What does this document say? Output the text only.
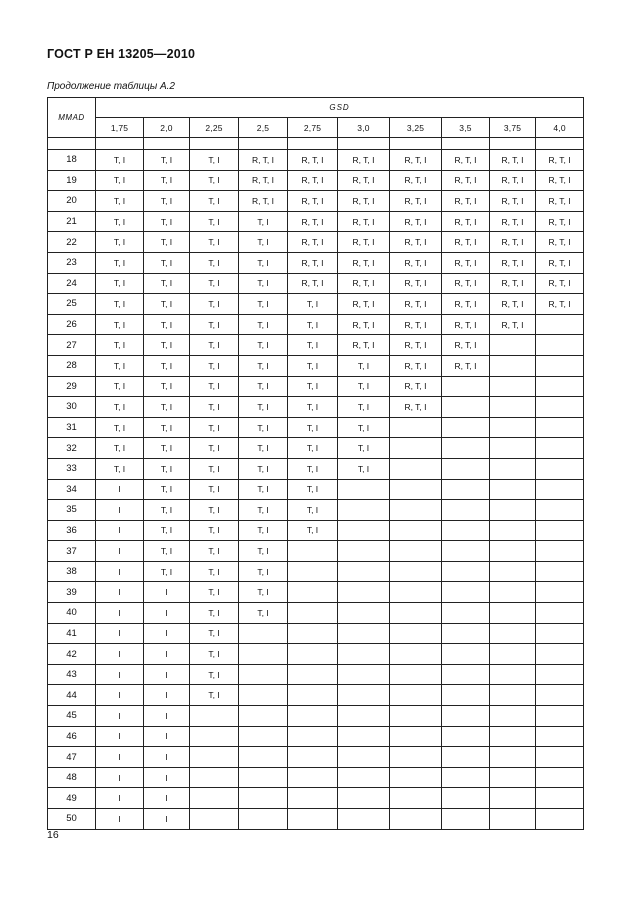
ГОСТ Р ЕН 13205—2010
Продолжение таблицы А.2
MMAD	GSD									
	1,75	2,0	2,25	2,5	2,75	3,0	3,25	3,5	3,75	4,0

18	T, I	T, I	T, I	R, T, I	R, T, I	R, T, I	R, T, I	R, T, I	R, T, I	R, T, I
19	T, I	T, I	T, I	R, T, I	R, T, I	R, T, I	R, T, I	R, T, I	R, T, I	R, T, I
20	T, I	T, I	T, I	R, T, I	R, T, I	R, T, I	R, T, I	R, T, I	R, T, I	R, T, I
21	T, I	T, I	T, I	T, I	R, T, I	R, T, I	R, T, I	R, T, I	R, T, I	R, T, I
22	T, I	T, I	T, I	T, I	R, T, I	R, T, I	R, T, I	R, T, I	R, T, I	R, T, I
23	T, I	T, I	T, I	T, I	R, T, I	R, T, I	R, T, I	R, T, I	R, T, I	R, T, I
24	T, I	T, I	T, I	T, I	R, T, I	R, T, I	R, T, I	R, T, I	R, T, I	R, T, I
25	T, I	T, I	T, I	T, I	T, I	R, T, I	R, T, I	R, T, I	R, T, I	R, T, I
26	T, I	T, I	T, I	T, I	T, I	R, T, I	R, T, I	R, T, I	R, T, I	
27	T, I	T, I	T, I	T, I	T, I	R, T, I	R, T, I	R, T, I		
28	T, I	T, I	T, I	T, I	T, I	T, I	R, T, I	R, T, I		
29	T, I	T, I	T, I	T, I	T, I	T, I	R, T, I			
30	T, I	T, I	T, I	T, I	T, I	T, I	R, T, I			
31	T, I	T, I	T, I	T, I	T, I	T, I				
32	T, I	T, I	T, I	T, I	T, I	T, I				
33	T, I	T, I	T, I	T, I	T, I	T, I				
34	I	T, I	T, I	T, I	T, I					
35	I	T, I	T, I	T, I	T, I					
36	I	T, I	T, I	T, I	T, I					
37	I	T, I	T, I	T, I						
38	I	T, I	T, I	T, I						
39	I	I	T, I	T, I						
40	I	I	T, I	T, I						
41	I	I	T, I							
42	I	I	T, I							
43	I	I	T, I							
44	I	I	T, I							
45	I	I								
46	I	I								
47	I	I								
48	I	I								
49	I	I								
50	I	I								
16
